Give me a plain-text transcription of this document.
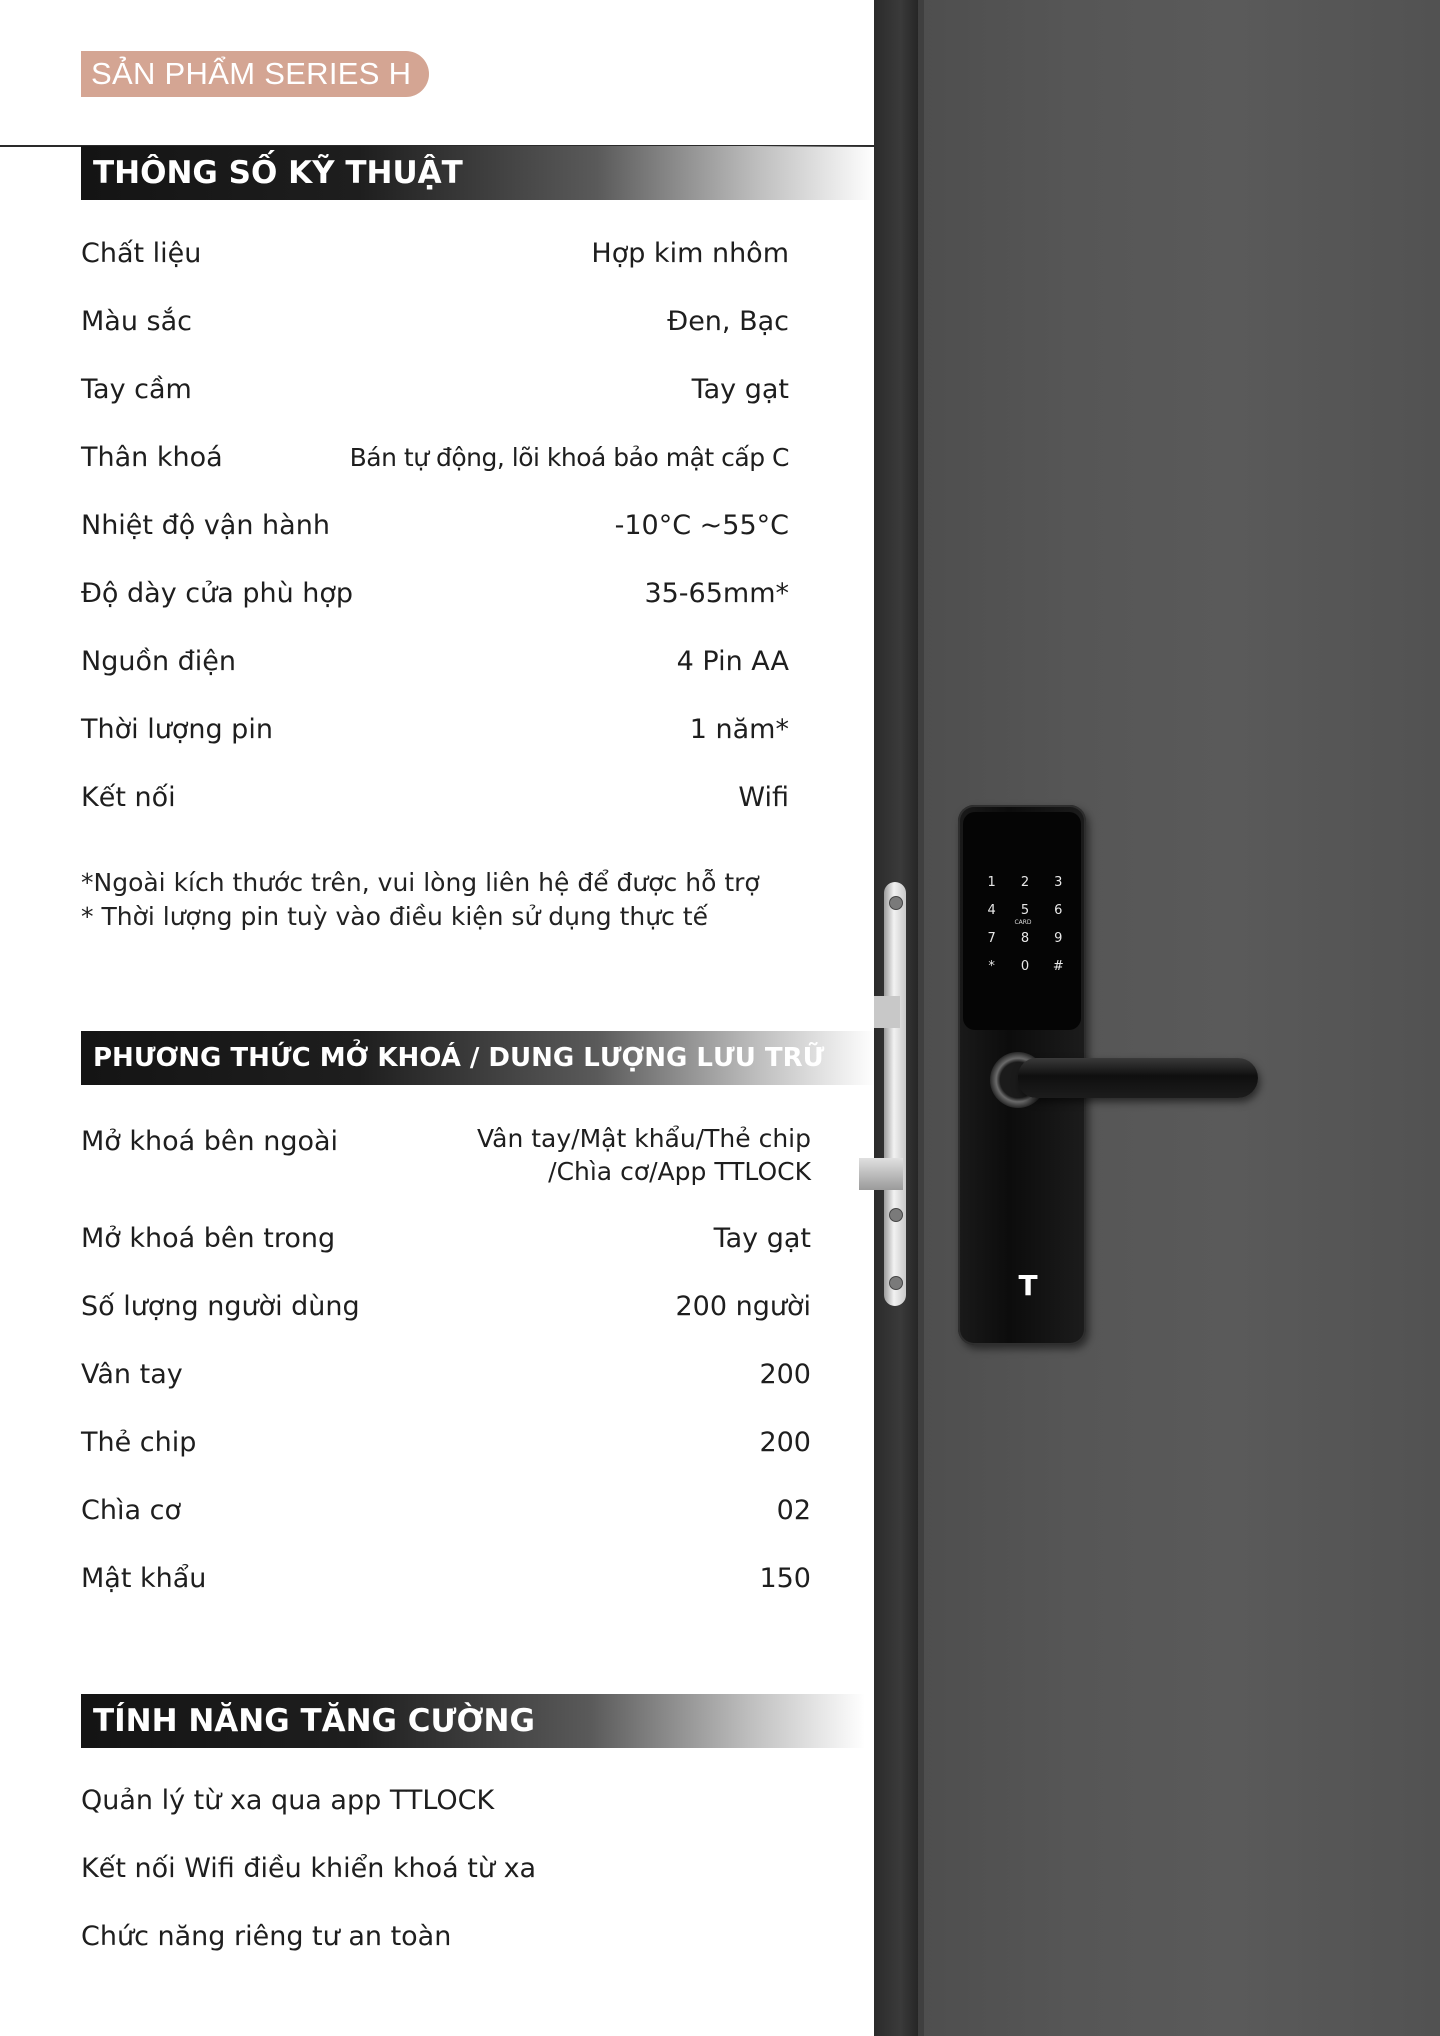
SẢN PHẨM SERIES H
THÔNG SỐ KỸ THUẬT
Chất liệu	Hợp kim nhôm
Màu sắc	Đen, Bạc
Tay cầm	Tay gạt
Thân khoá	Bán tự động, lõi khoá bảo mật cấp C
Nhiệt độ vận hành	-10°C ~55°C
Độ dày cửa phù hợp	35-65mm*
Nguồn điện	4 Pin AA
Thời lượng pin	1 năm*
Kết nối	Wifi
*Ngoài kích thước trên, vui lòng liên hệ để được hỗ trợ
* Thời lượng pin tuỳ vào điều kiện sử dụng thực tế
PHƯƠNG THỨC MỞ KHOÁ / DUNG LƯỢNG LƯU TRỮ
Mở khoá bên ngoài	Vân tay/Mật khẩu/Thẻ chip
/Chìa cơ/App TTLOCK
Mở khoá bên trong	Tay gạt
Số lượng người dùng	200 người
Vân tay	200
Thẻ chip	200
Chìa cơ	02
Mật khẩu	150
TÍNH NĂNG TĂNG CƯỜNG
Quản lý từ xa qua app TTLOCK
Kết nối Wifi điều khiển khoá từ xa
Chức năng riêng tư an toàn
1	2	3
4	5	6
7	8	9
*	0	#
CARD
T
